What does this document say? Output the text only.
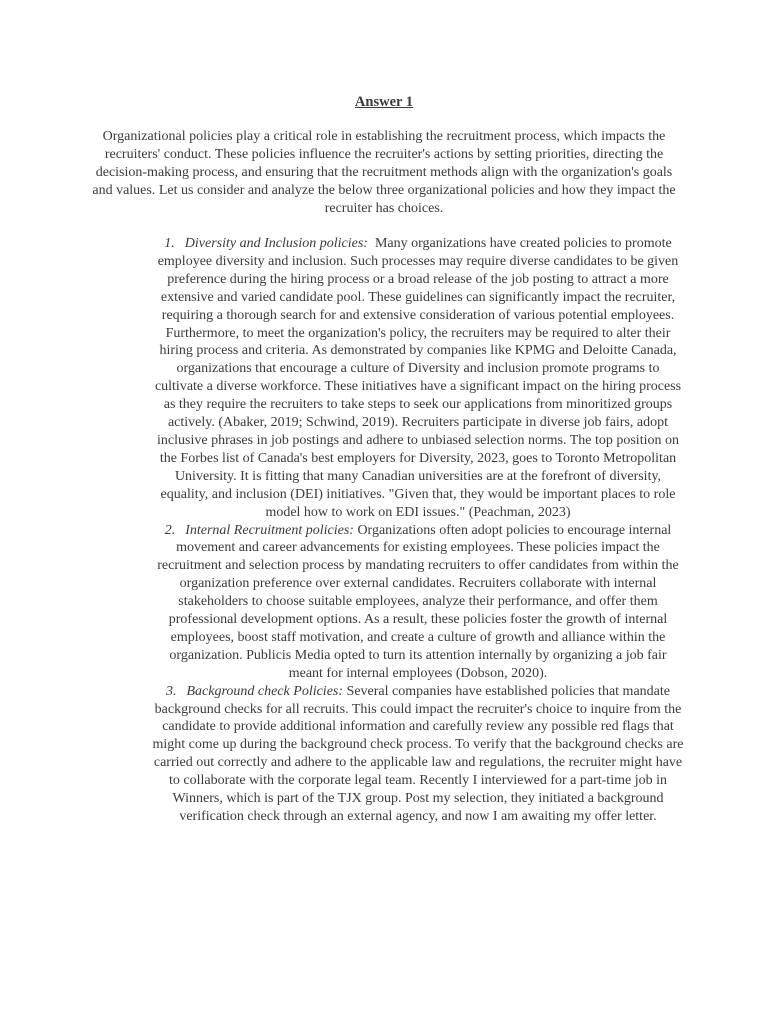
Answer 1

Organizational policies play a critical role in establishing the recruitment process, which impacts the recruiters' conduct. These policies influence the recruiter's actions by setting priorities, directing the decision-making process, and ensuring that the recruitment methods align with the organization's goals and values. Let us consider and analyze the below three organizational policies and how they impact the recruiter has choices.

1. Diversity and Inclusion policies: Many organizations have created policies to promote employee diversity and inclusion. Such processes may require diverse candidates to be given preference during the hiring process or a broad release of the job posting to attract a more extensive and varied candidate pool. These guidelines can significantly impact the recruiter, requiring a thorough search for and extensive consideration of various potential employees. Furthermore, to meet the organization's policy, the recruiters may be required to alter their hiring process and criteria. As demonstrated by companies like KPMG and Deloitte Canada, organizations that encourage a culture of Diversity and inclusion promote programs to cultivate a diverse workforce. These initiatives have a significant impact on the hiring process as they require the recruiters to take steps to seek our applications from minoritized groups actively. (Abaker, 2019; Schwind, 2019). Recruiters participate in diverse job fairs, adopt inclusive phrases in job postings and adhere to unbiased selection norms. The top position on the Forbes list of Canada's best employers for Diversity, 2023, goes to Toronto Metropolitan University. It is fitting that many Canadian universities are at the forefront of diversity, equality, and inclusion (DEI) initiatives. "Given that, they would be important places to role model how to work on EDI issues." (Peachman, 2023)

2. Internal Recruitment policies: Organizations often adopt policies to encourage internal movement and career advancements for existing employees. These policies impact the recruitment and selection process by mandating recruiters to offer candidates from within the organization preference over external candidates. Recruiters collaborate with internal stakeholders to choose suitable employees, analyze their performance, and offer them professional development options. As a result, these policies foster the growth of internal employees, boost staff motivation, and create a culture of growth and alliance within the organization. Publicis Media opted to turn its attention internally by organizing a job fair meant for internal employees (Dobson, 2020).

3. Background check Policies: Several companies have established policies that mandate background checks for all recruits. This could impact the recruiter's choice to inquire from the candidate to provide additional information and carefully review any possible red flags that might come up during the background check process. To verify that the background checks are carried out correctly and adhere to the applicable law and regulations, the recruiter might have to collaborate with the corporate legal team. Recently I interviewed for a part-time job in Winners, which is part of the TJX group. Post my selection, they initiated a background verification check through an external agency, and now I am awaiting my offer letter.
